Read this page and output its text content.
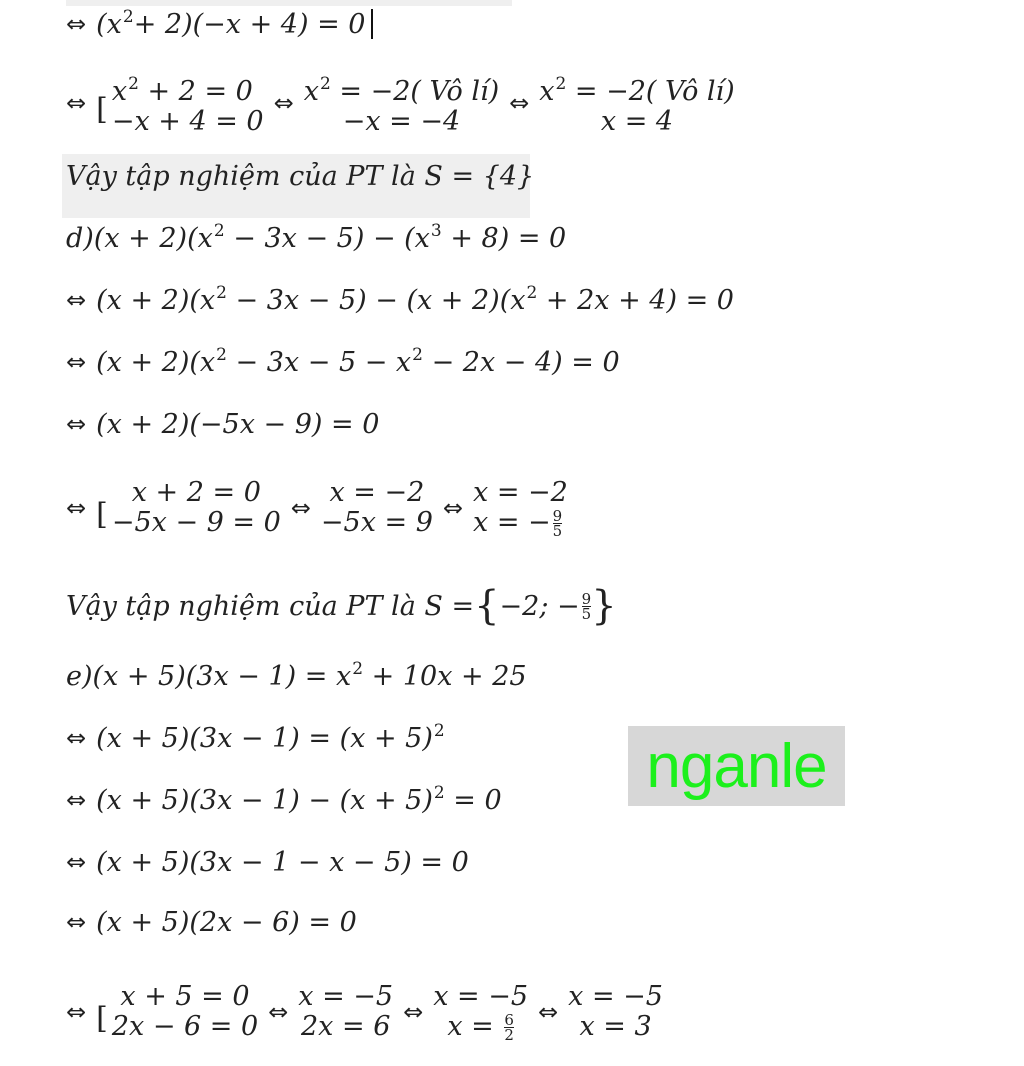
⇔ $(x^2+ 2)(-x + 4) = 0$
⇔ [ $x^2 + 2 = 0$
−x + 4 = 0
⇔ $x^2 = -2$( Vô lí)
−x = −4
⇔ $x^2 = -2$( Vô lí)
x = 4
Vậy tập nghiệm của PT là S = {4}
$d)(x + 2)(x^2 - 3x - 5) - (x^3 + 8) = 0$
⇔ $(x + 2)(x^2 - 3x - 5) - (x + 2)(x^2 + 2x + 4) = 0$
⇔ $(x + 2)(x^2 - 3x - 5 - x^2 - 2x - 4) = 0$
⇔ (x + 2)(−5x − 9) = 0
⇔ [
x + 2 = 0
−5x − 9 = 0 ⇔ x = −2
−5x = 9 ⇔ x = −2
x = − $\frac{9}{5}$
Vậy tập nghiệm của PT là S = { −2; − $\frac{9}{5}$ }
$e)(x + 5)(3x - 1) = x^2 + 10x + 25$
⇔ $(x + 5)(3x - 1) = (x + 5)^2$
⇔ $(x + 5)(3x - 1) - (x + 5)^2 = 0$
⇔ (x + 5)(3x − 1 − x − 5) = 0
⇔ (x + 5)(2x − 6) = 0
⇔ [
x + 5 = 0
2x − 6 = 0 ⇔ x = −5
2x = 6 ⇔ x = −5
$x = \frac{6}{2}$
⇔ x = −5
x = 3
nganle
